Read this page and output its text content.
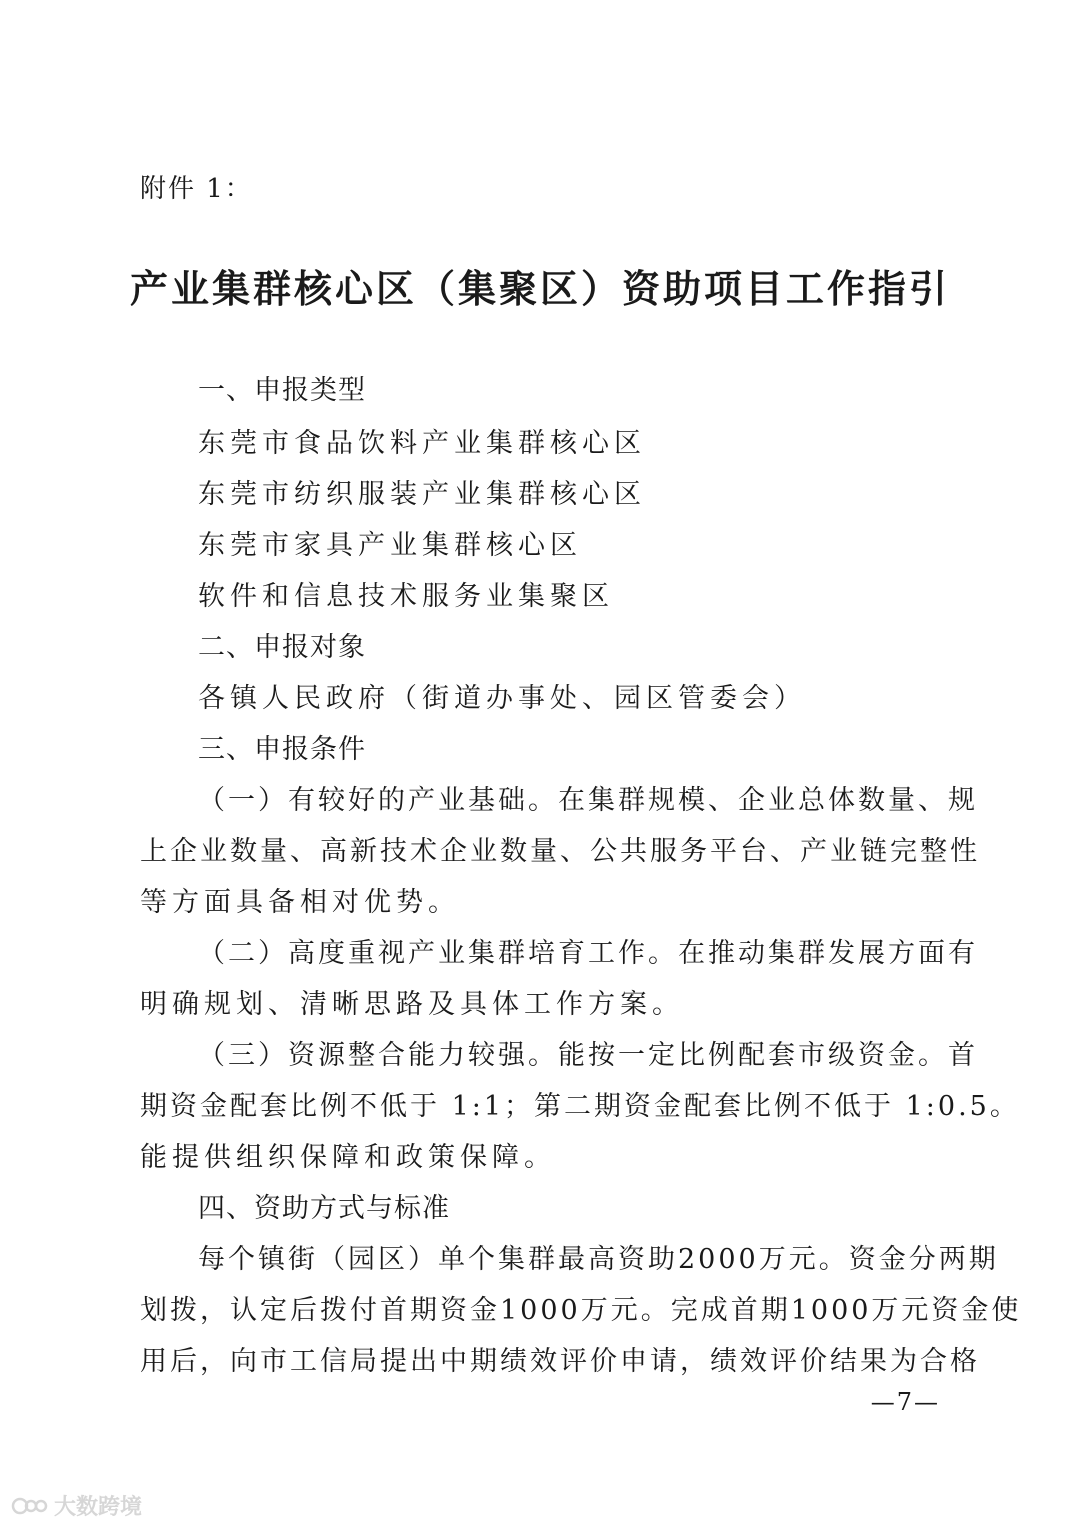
附件 1：
产业集群核心区（集聚区）资助项目工作指引
一、申报类型
东莞市食品饮料产业集群核心区
东莞市纺织服装产业集群核心区
东莞市家具产业集群核心区
软件和信息技术服务业集聚区
二、申报对象
各镇人民政府（街道办事处、园区管委会）
三、申报条件
（一）有较好的产业基础。在集群规模、企业总体数量、规
上企业数量、高新技术企业数量、公共服务平台、产业链完整性
等方面具备相对优势。
（二）高度重视产业集群培育工作。在推动集群发展方面有
明确规划、清晰思路及具体工作方案。
（三）资源整合能力较强。能按一定比例配套市级资金。首
期资金配套比例不低于 1:1；第二期资金配套比例不低于 1:0.5。
能提供组织保障和政策保障。
四、资助方式与标准
每个镇街（园区）单个集群最高资助2000万元。资金分两期
划拨，认定后拨付首期资金1000万元。完成首期1000万元资金使
用后，向市工信局提出中期绩效评价申请，绩效评价结果为合格
—7—
大数跨境
